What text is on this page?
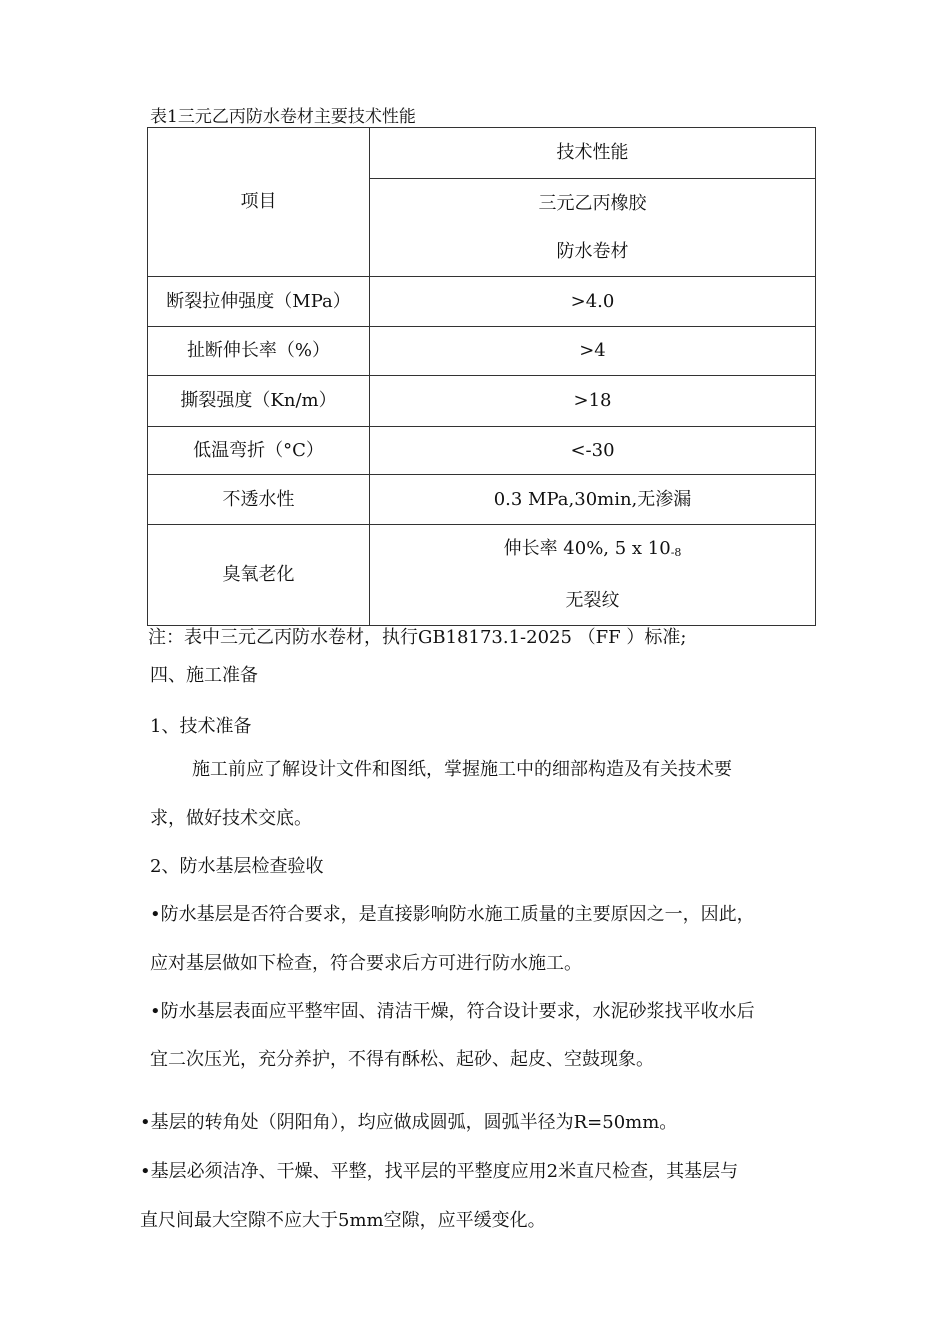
表1三元乙丙防水卷材主要技术性能
项目	技术性能

	三元乙丙橡胶
防水卷材

断裂拉伸强度（MPa）	>4.0
扯断伸长率（%）	>4
撕裂强度（Kn/m）	>18
低温弯折（°C）	<-30
不透水性	0.3 MPa,30min,无渗漏
臭氧老化	伸长率 40%, 5 x 10-8
无裂纹
注：表中三元乙丙防水卷材，执行GB18173.1-2025 （FF ）标准;
四、施工准备
1、技术准备
施工前应了解设计文件和图纸，掌握施工中的细部构造及有关技术要
求，做好技术交底。
2、防水基层检查验收
•防水基层是否符合要求，是直接影响防水施工质量的主要原因之一，因此，
应对基层做如下检查，符合要求后方可进行防水施工。
•防水基层表面应平整牢固、清洁干燥，符合设计要求，水泥砂浆找平收水后
宜二次压光，充分养护，不得有酥松、起砂、起皮、空鼓现象。
•基层的转角处（阴阳角），均应做成圆弧，圆弧半径为R=50mm。
•基层必须洁净、干燥、平整，找平层的平整度应用2米直尺检查，其基层与
直尺间最大空隙不应大于5mm空隙，应平缓变化。
